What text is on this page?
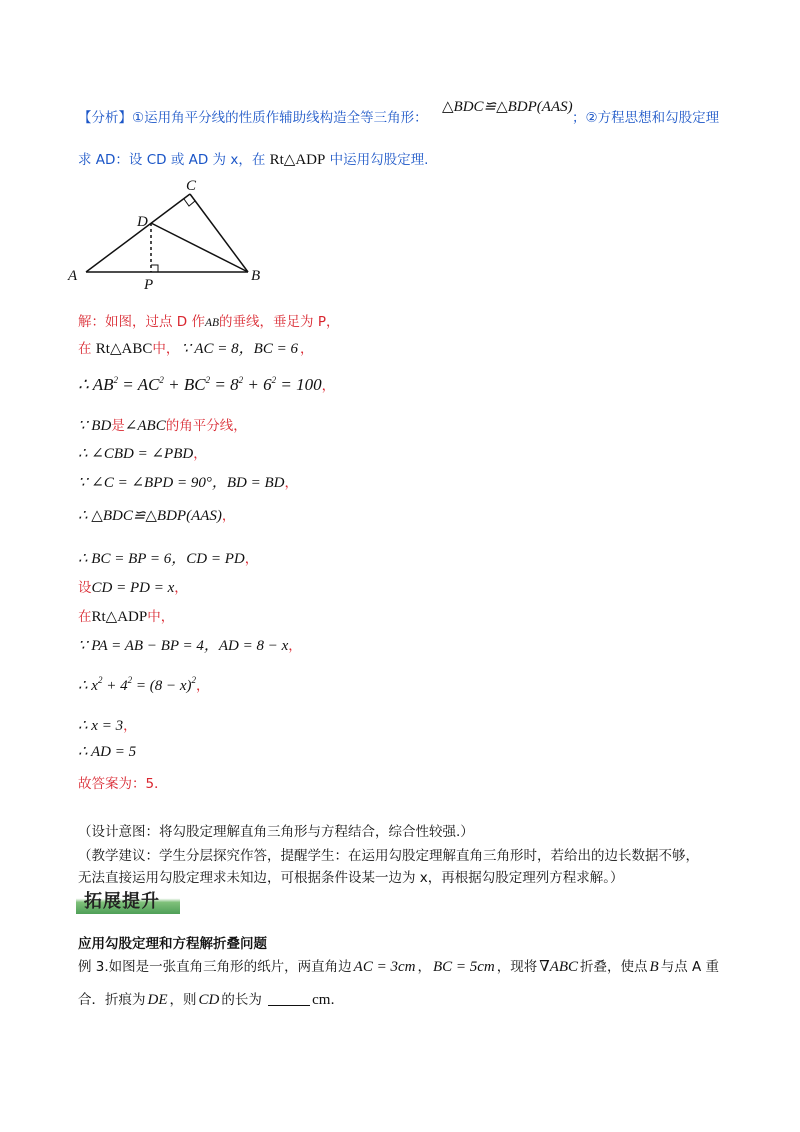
【分析】①运用角平分线的性质作辅助线构造全等三角形：
△BDC≌△BDP(AAS)
；②方程思想和勾股定理
求 AD：设 CD 或 AD 为 x，在 Rt△ADP 中运用勾股定理.
A	B
C
D
P
解：如图，过点 D 作AB的垂线，垂足为 P，
在 Rt△ABC中， ∵ AC = 8，BC = 6 ，
∴ $AB^2 = AC^2 + BC^2 = 8^2 + 6^2 = 100$，
∵ BD是∠ABC的角平分线，
∴ ∠CBD = ∠PBD，
∵ ∠C = ∠BPD = 90°，BD = BD，
∴ △BDC≌△BDP(AAS)，
∴ BC = BP = 6，CD = PD，
设CD = PD = x，
在Rt△ADP中，
∵ PA = AB − BP = 4，AD = 8 − x，
∴ $x^2 + 4^2 = (8 - x)^2$，
∴ x = 3，
∴ AD = 5
故答案为：5．
（设计意图：将勾股定理解直角三角形与方程结合，综合性较强.）
（教学建议：学生分层探究作答，提醒学生：在运用勾股定理解直角三角形时，若给出的边长数据不够，
无法直接运用勾股定理求未知边，可根据条件设某一边为 x，再根据勾股定理列方程求解。）
拓展提升
应用勾股定理和方程解折叠问题
例 3.如图是一张直角三角形的纸片，两直角边 AC = 3cm ， BC = 5cm ，现将 ∇ABC 折叠，使点 B 与点 A 重
合．折痕为 DE ，则 CD 的长为	cm．
